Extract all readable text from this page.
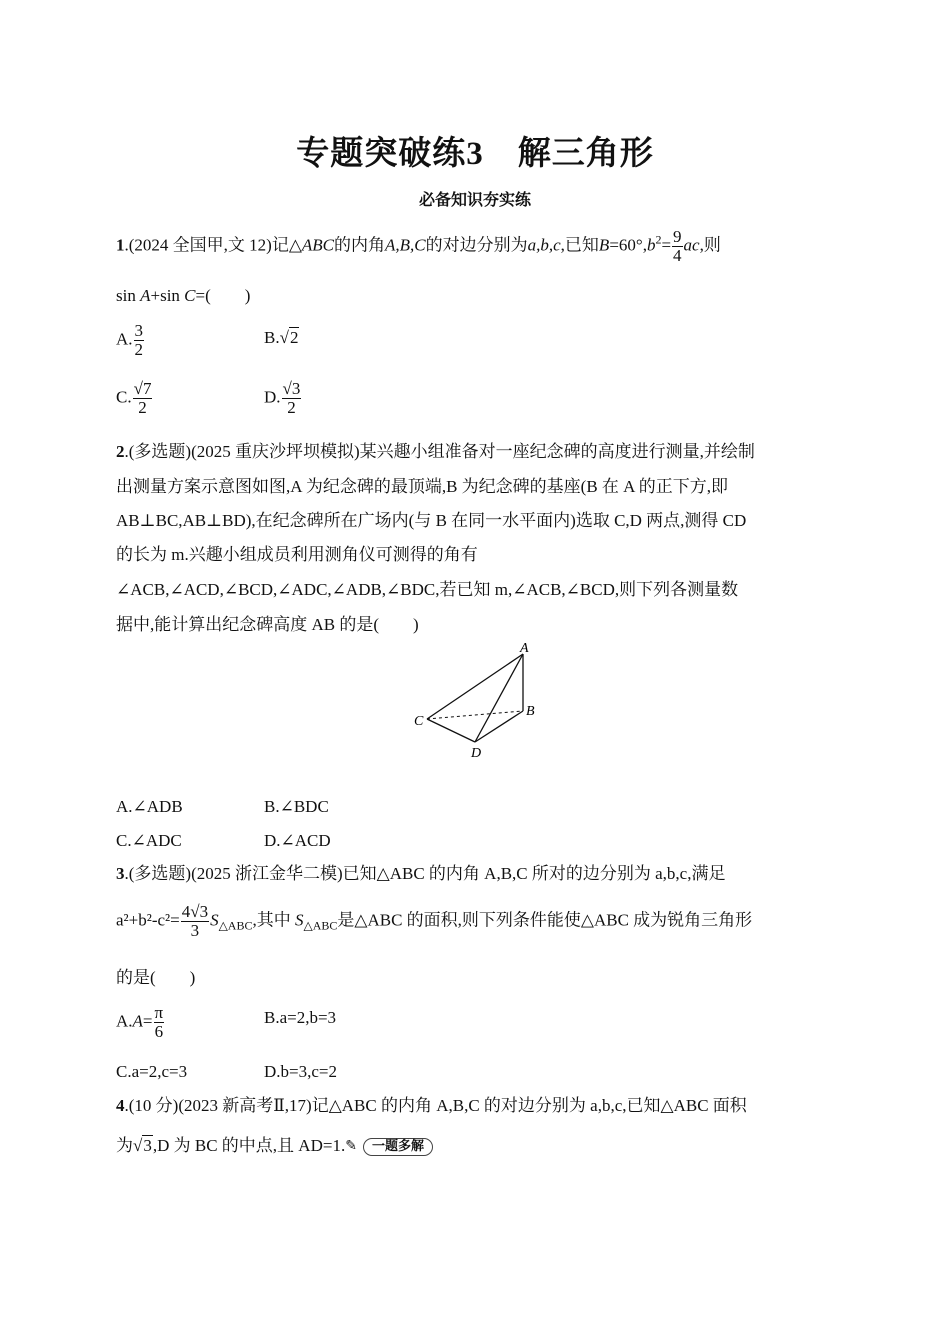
专题突破练3　解三角形
必备知识夯实练
1.(2024 全国甲,文 12)记△ABC的内角A,B,C的对边分别为a,b,c,已知$B=60^\circ,b^2= \frac{9}{4}$ ac,则
sin A+sin C=(　　)
A. $\frac{3}{2}$	B.√2
C. $\frac{√7}{2}$	D. $\frac{√3}{2}$
2.(多选题)(2025 重庆沙坪坝模拟)某兴趣小组准备对一座纪念碑的高度进行测量,并绘制
出测量方案示意图如图,A 为纪念碑的最顶端,B 为纪念碑的基座(B 在 A 的正下方,即
AB⊥BC,AB⊥BD),在纪念碑所在广场内(与 B 在同一水平面内)选取 C,D 两点,测得 CD
的长为 m.兴趣小组成员利用测角仪可测得的角有
∠ACB,∠ACD,∠BCD,∠ADC,∠ADB,∠BDC,若已知 m,∠ACB,∠BCD,则下列各测量数
据中,能计算出纪念碑高度 AB 的是(　　)
A
B
C
D
A.∠ADB	B.∠BDC
C.∠ADC	D.∠ACD
3.(多选题)(2025 浙江金华二模)已知△ABC 的内角 A,B,C 所对的边分别为 a,b,c,满足
$a^2+b^2-c^2= \frac{4√3}{3} S_{\triangle ABC}$,其中 $S_{\triangle ABC}$是△ABC 的面积,则下列条件能使△ABC 成为锐角三角形
的是(　　)
$A.A= \frac{\pi}{6}$	B.a=2,b=3
C.a=2,c=3	D.b=3,c=2
4.(10 分)(2023 新高考Ⅱ,17)记△ABC 的内角 A,B,C 的对边分别为 a,b,c,已知△ABC 面积
为√3,D 为 BC 的中点,且 AD=1.✎ 一题多解
